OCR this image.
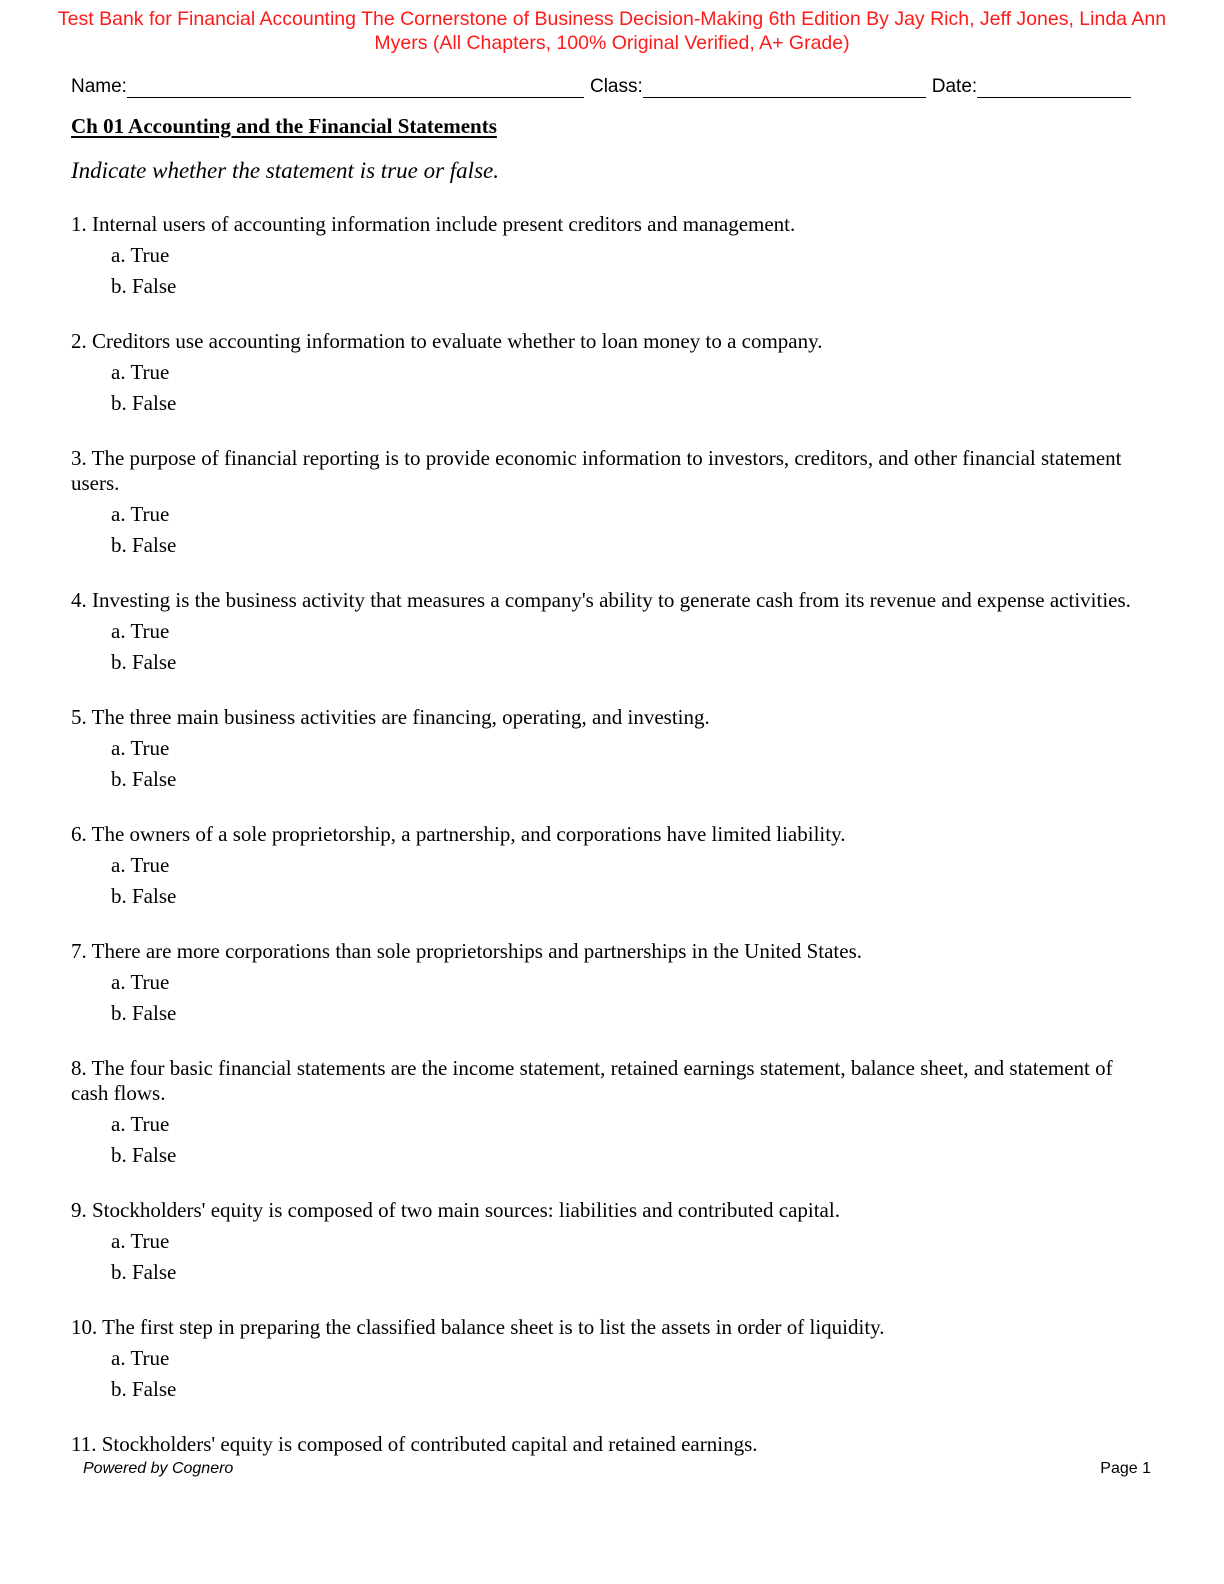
Test Bank for Financial Accounting The Cornerstone of Business Decision-Making 6th Edition By Jay Rich, Jeff Jones, Linda Ann
Myers (All Chapters, 100% Original Verified, A+ Grade)
Name:	Class:	Date:
Ch 01 Accounting and the Financial Statements
Indicate whether the statement is true or false.
1. Internal users of accounting information include present creditors and management.
a. True
b. False
2. Creditors use accounting information to evaluate whether to loan money to a company.
a. True
b. False
3. The purpose of financial reporting is to provide economic information to investors, creditors, and other financial statement users.
a. True
b. False
4. Investing is the business activity that measures a company's ability to generate cash from its revenue and expense activities.
a. True
b. False
5. The three main business activities are financing, operating, and investing.
a. True
b. False
6. The owners of a sole proprietorship, a partnership, and corporations have limited liability.
a. True
b. False
7. There are more corporations than sole proprietorships and partnerships in the United States.
a. True
b. False
8. The four basic financial statements are the income statement, retained earnings statement, balance sheet, and statement of cash flows.
a. True
b. False
9. Stockholders' equity is composed of two main sources: liabilities and contributed capital.
a. True
b. False
10. The first step in preparing the classified balance sheet is to list the assets in order of liquidity.
a. True
b. False
11. Stockholders' equity is composed of contributed capital and retained earnings.
Powered by Cognero	Page 1
